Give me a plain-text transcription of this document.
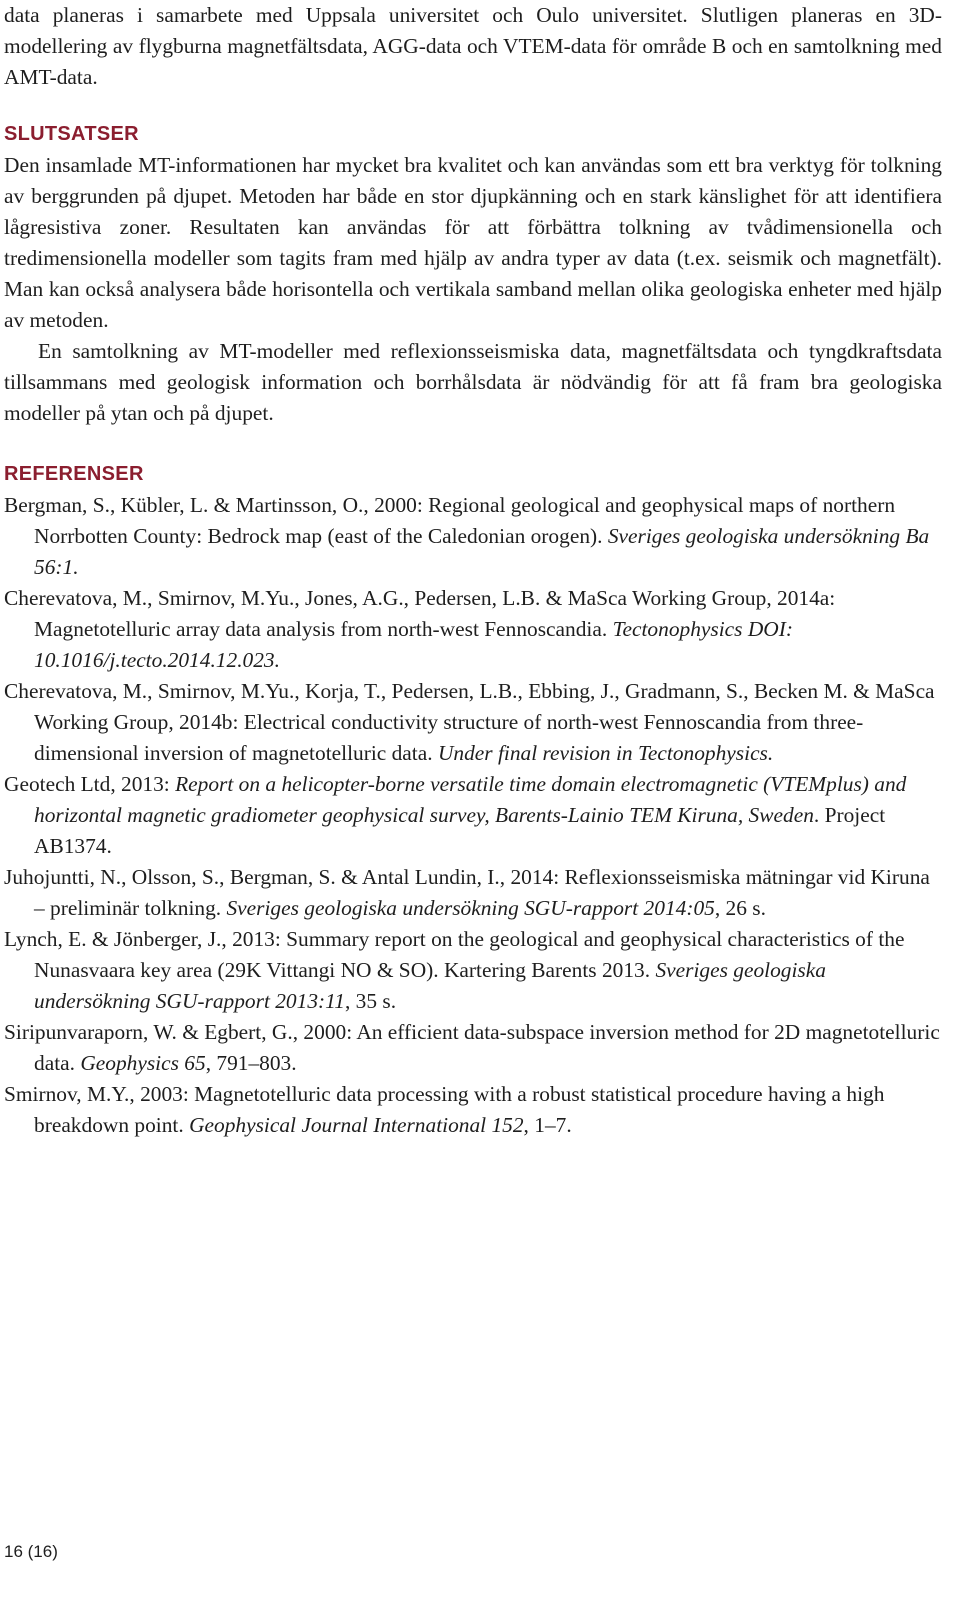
data planeras i samarbete med Uppsala universitet och Oulo universitet. Slutligen planeras en 3D-modellering av flygburna magnetfältsdata, AGG-data och VTEM-data för område B och en samtolkning med AMT-data.

SLUTSATSER

Den insamlade MT-informationen har mycket bra kvalitet och kan användas som ett bra verktyg för tolkning av berggrunden på djupet. Metoden har både en stor djupkänning och en stark känslighet för att identifiera lågresistiva zoner. Resultaten kan användas för att förbättra tolkning av tvådimensionella och tredimensionella modeller som tagits fram med hjälp av andra typer av data (t.ex. seismik och magnetfält). Man kan också analysera både horisontella och vertikala samband mellan olika geologiska enheter med hjälp av metoden.

En samtolkning av MT-modeller med reflexionsseismiska data, magnetfältsdata och tyngdkraftsdata tillsammans med geologisk information och borrhålsdata är nödvändig för att få fram bra geologiska modeller på ytan och på djupet.

REFERENSER

Bergman, S., Kübler, L. & Martinsson, O., 2000: Regional geological and geophysical maps of northern Norrbotten County: Bedrock map (east of the Caledonian orogen). Sveriges geologiska undersökning Ba 56:1.

Cherevatova, M., Smirnov, M.Yu., Jones, A.G., Pedersen, L.B. & MaSca Working Group, 2014a: Magnetotelluric array data analysis from north-west Fennoscandia. Tectonophysics DOI: 10.1016/j.tecto.2014.12.023.

Cherevatova, M., Smirnov, M.Yu., Korja, T., Pedersen, L.B., Ebbing, J., Gradmann, S., Becken M. & MaSca Working Group, 2014b: Electrical conductivity structure of north-west Fennoscandia from three-dimensional inversion of magnetotelluric data. Under final revision in Tectonophysics.

Geotech Ltd, 2013: Report on a helicopter-borne versatile time domain electromagnetic (VTEMplus) and horizontal magnetic gradiometer geophysical survey, Barents-Lainio TEM Kiruna, Sweden. Project AB1374.

Juhojuntti, N., Olsson, S., Bergman, S. & Antal Lundin, I., 2014: Reflexionsseismiska mätningar vid Kiruna – preliminär tolkning. Sveriges geologiska undersökning SGU-rapport 2014:05, 26 s.

Lynch, E. & Jönberger, J., 2013: Summary report on the geological and geophysical characteristics of the Nunasvaara key area (29K Vittangi NO & SO). Kartering Barents 2013. Sveriges geologiska undersökning SGU-rapport 2013:11, 35 s.

Siripunvaraporn, W. & Egbert, G., 2000: An efficient data-subspace inversion method for 2D magnetotelluric data. Geophysics 65, 791–803.

Smirnov, M.Y., 2003: Magnetotelluric data processing with a robust statistical procedure having a high breakdown point. Geophysical Journal International 152, 1–7.

16 (16)
